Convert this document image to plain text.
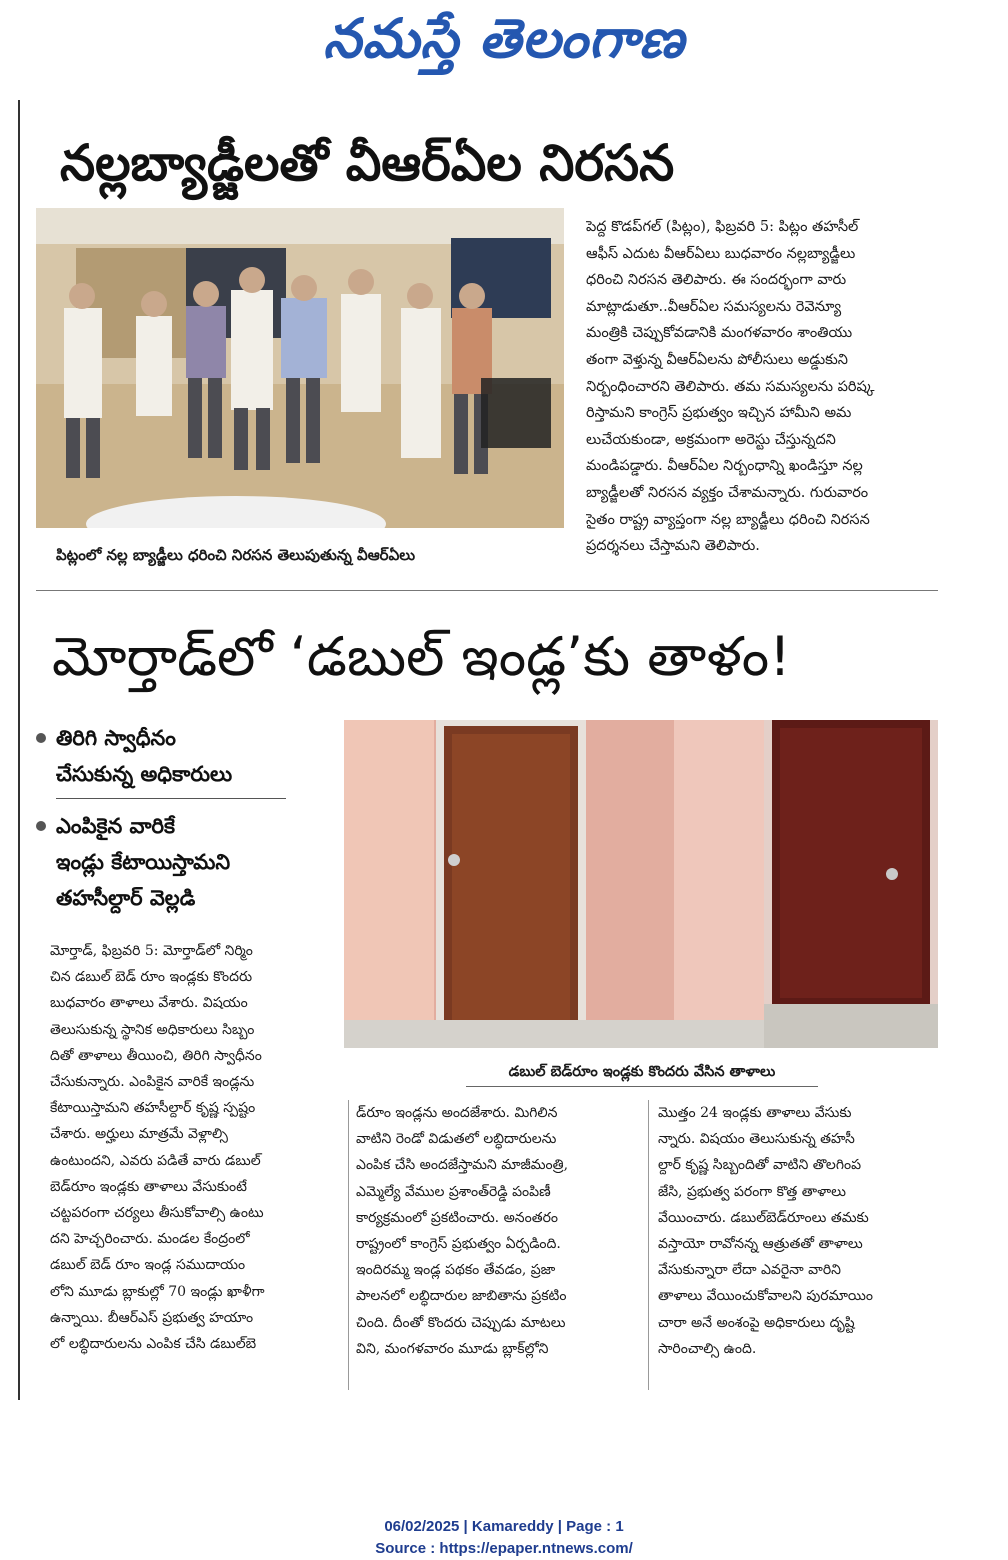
నమస్తే తెలంగాణ
నల్లబ్యాడ్జీలతో వీఆర్‌ఏల నిరసన
పిట్లంలో నల్ల బ్యాడ్జీలు ధరించి నిరసన తెలుపుతున్న వీఆర్‌ఏలు
పెద్ద కొడప్‌గల్ (పిట్లం), ఫిబ్రవరి 5: పిట్లం తహసీల్
ఆఫీస్ ఎదుట వీఆర్‌ఏలు బుధవారం నల్లబ్యాడ్జీలు
ధరించి నిరసన తెలిపారు. ఈ సందర్భంగా వారు
మాట్లాడుతూ..వీఆర్‌ఏల సమస్యలను రెవెన్యూ
మంత్రికి చెప్పుకోవడానికి మంగళవారం శాంతియు
తంగా వెళ్తున్న వీఆర్‌ఏలను పోలీసులు అడ్డుకుని
నిర్బంధించారని తెలిపారు. తమ సమస్యలను పరిష్క
రిస్తామని కాంగ్రెస్ ప్రభుత్వం ఇచ్చిన హామీని అమ
లుచేయకుండా, అక్రమంగా అరెస్టు చేస్తున్నదని
మండిపడ్డారు. వీఆర్‌ఏల నిర్బంధాన్ని ఖండిస్తూ నల్ల
బ్యాడ్జీలతో నిరసన వ్యక్తం చేశామన్నారు. గురువారం
సైతం రాష్ట్ర వ్యాప్తంగా నల్ల బ్యాడ్జీలు ధరించి నిరసన
ప్రదర్శనలు చేస్తామని తెలిపారు.
మోర్తాడ్‌లో ‘డబుల్ ఇండ్ల’కు తాళం!
తిరిగి స్వాధీనం
చేసుకున్న అధికారులు
ఎంపికైన వారికే
ఇండ్లు కేటాయిస్తామని
తహసీల్దార్ వెల్లడి
డబుల్ బెడ్‌రూం ఇండ్లకు కొందరు వేసిన తాళాలు
మోర్తాడ్, ఫిబ్రవరి 5: మోర్తాడ్‌లో నిర్మిం
చిన డబుల్ బెడ్ రూం ఇండ్లకు కొందరు
బుధవారం తాళాలు వేశారు. విషయం
తెలుసుకున్న స్థానిక అధికారులు సిబ్బం
దితో తాళాలు తీయించి, తిరిగి స్వాధీనం
చేసుకున్నారు. ఎంపికైన వారికే ఇండ్లను
కేటాయిస్తామని తహసీల్దార్ కృష్ణ స్పష్టం
చేశారు. అర్హులు మాత్రమే వెళ్లాల్సి
ఉంటుందని, ఎవరు పడితే వారు డబుల్
బెడ్‌రూం ఇండ్లకు తాళాలు వేసుకుంటే
చట్టపరంగా చర్యలు తీసుకోవాల్సి ఉంటు
దని హెచ్చరించారు. మండల కేంద్రంలో
డబుల్ బెడ్ రూం ఇండ్ల సముదాయం
లోని మూడు బ్లాకుల్లో 70 ఇండ్లు ఖాళీగా
ఉన్నాయి. బీఆర్‌ఎస్ ప్రభుత్వ హయాం
లో లబ్ధిదారులను ఎంపిక చేసి డబుల్‌బె
డ్‌రూం ఇండ్లను అందజేశారు. మిగిలిన
వాటిని రెండో విడుతలో లబ్ధిదారులను
ఎంపిక చేసి అందజేస్తామని మాజీమంత్రి,
ఎమ్మెల్యే వేముల ప్రశాంత్‌రెడ్డి పంపిణీ
కార్యక్రమంలో ప్రకటించారు. అనంతరం
రాష్ట్రంలో కాంగ్రెస్ ప్రభుత్వం ఏర్పడింది.
ఇందిరమ్మ ఇండ్ల పథకం తేవడం, ప్రజా
పాలనలో లబ్ధిదారుల జాబితాను ప్రకటిం
చింది. దీంతో కొందరు చెప్పుడు మాటలు
విని, మంగళవారం మూడు బ్లాక్‌ల్లోని
మొత్తం 24 ఇండ్లకు తాళాలు వేసుకు
న్నారు. విషయం తెలుసుకున్న తహసీ
ల్దార్ కృష్ణ సిబ్బందితో వాటిని తొలగింప
జేసి, ప్రభుత్వ పరంగా కొత్త తాళాలు
వేయించారు. డబుల్‌బెడ్‌రూంలు తమకు
వస్తాయో రావోనన్న ఆత్రుతతో తాళాలు
వేసుకున్నారా లేదా ఎవరైనా వారిని
తాళాలు వేయించుకోవాలని పురమాయిం
చారా అనే అంశంపై అధికారులు దృష్టి
సారించాల్సి ఉంది.
06/02/2025 | Kamareddy | Page : 1
Source : https://epaper.ntnews.com/
